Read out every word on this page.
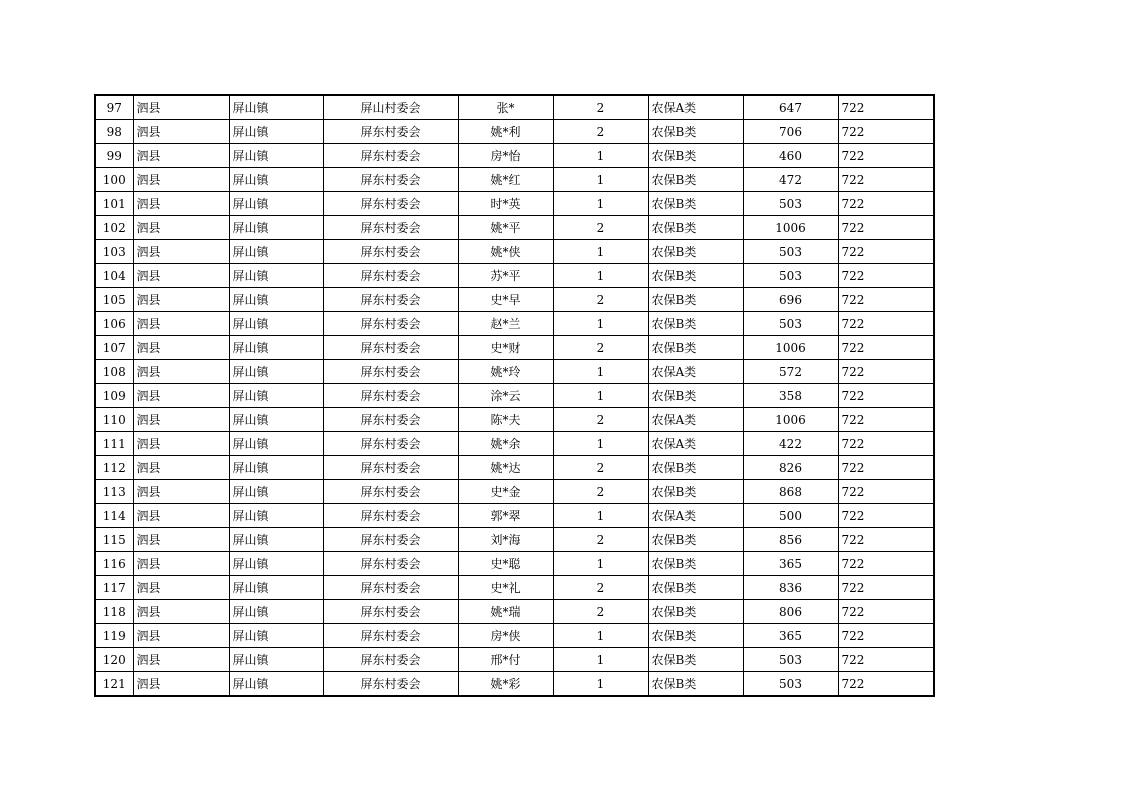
97	泗县	屏山镇	屏山村委会	张*	2	农保A类	647	722
98	泗县	屏山镇	屏东村委会	姚*利	2	农保B类	706	722
99	泗县	屏山镇	屏东村委会	房*怡	1	农保B类	460	722
100	泗县	屏山镇	屏东村委会	姚*红	1	农保B类	472	722
101	泗县	屏山镇	屏东村委会	时*英	1	农保B类	503	722
102	泗县	屏山镇	屏东村委会	姚*平	2	农保B类	1006	722
103	泗县	屏山镇	屏东村委会	姚*侠	1	农保B类	503	722
104	泗县	屏山镇	屏东村委会	苏*平	1	农保B类	503	722
105	泗县	屏山镇	屏东村委会	史*早	2	农保B类	696	722
106	泗县	屏山镇	屏东村委会	赵*兰	1	农保B类	503	722
107	泗县	屏山镇	屏东村委会	史*财	2	农保B类	1006	722
108	泗县	屏山镇	屏东村委会	姚*玲	1	农保A类	572	722
109	泗县	屏山镇	屏东村委会	涂*云	1	农保B类	358	722
110	泗县	屏山镇	屏东村委会	陈*夫	2	农保A类	1006	722
111	泗县	屏山镇	屏东村委会	姚*余	1	农保A类	422	722
112	泗县	屏山镇	屏东村委会	姚*达	2	农保B类	826	722
113	泗县	屏山镇	屏东村委会	史*金	2	农保B类	868	722
114	泗县	屏山镇	屏东村委会	郭*翠	1	农保A类	500	722
115	泗县	屏山镇	屏东村委会	刘*海	2	农保B类	856	722
116	泗县	屏山镇	屏东村委会	史*聪	1	农保B类	365	722
117	泗县	屏山镇	屏东村委会	史*礼	2	农保B类	836	722
118	泗县	屏山镇	屏东村委会	姚*瑞	2	农保B类	806	722
119	泗县	屏山镇	屏东村委会	房*侠	1	农保B类	365	722
120	泗县	屏山镇	屏东村委会	邢*付	1	农保B类	503	722
121	泗县	屏山镇	屏东村委会	姚*彩	1	农保B类	503	722
